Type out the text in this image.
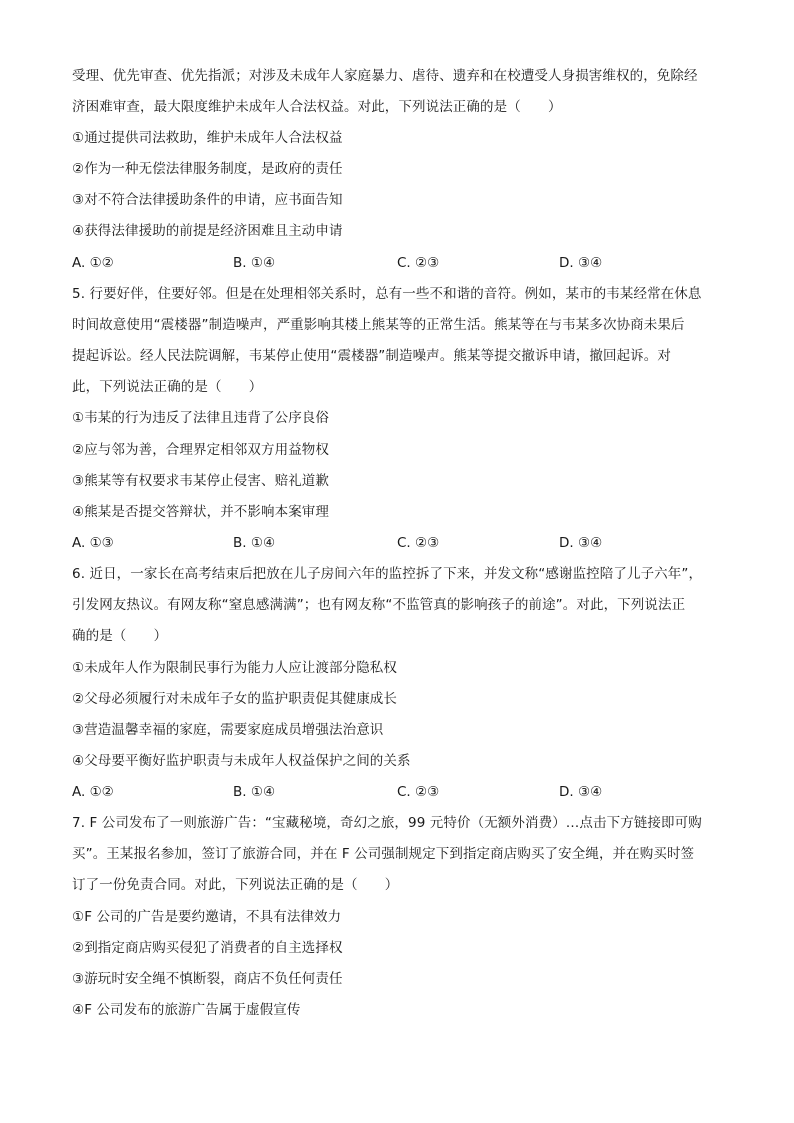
受理、优先审查、优先指派；对涉及未成年人家庭暴力、虐待、遗弃和在校遭受人身损害维权的，免除经
济困难审查，最大限度维护未成年人合法权益。对此，下列说法正确的是（　　）
①通过提供司法救助，维护未成年人合法权益
②作为一种无偿法律服务制度，是政府的责任
③对不符合法律援助条件的申请，应书面告知
④获得法律援助的前提是经济困难且主动申请
A. ①②	B. ①④	C. ②③	D. ③④
5. 行要好伴，住要好邻。但是在处理相邻关系时，总有一些不和谐的音符。例如，某市的韦某经常在休息
时间故意使用“震楼器”制造噪声，严重影响其楼上熊某等的正常生活。熊某等在与韦某多次协商未果后
提起诉讼。经人民法院调解，韦某停止使用“震楼器”制造噪声。熊某等提交撤诉申请，撤回起诉。对
此，下列说法正确的是（　　）
①韦某的行为违反了法律且违背了公序良俗
②应与邻为善，合理界定相邻双方用益物权
③熊某等有权要求韦某停止侵害、赔礼道歉
④熊某是否提交答辩状，并不影响本案审理
A. ①③	B. ①④	C. ②③	D. ③④
6. 近日，一家长在高考结束后把放在儿子房间六年的监控拆了下来，并发文称“感谢监控陪了儿子六年”，
引发网友热议。有网友称“窒息感满满”；也有网友称“不监管真的影响孩子的前途”。对此，下列说法正
确的是（　　）
①未成年人作为限制民事行为能力人应让渡部分隐私权
②父母必须履行对未成年子女的监护职责促其健康成长
③营造温馨幸福的家庭，需要家庭成员增强法治意识
④父母要平衡好监护职责与未成年人权益保护之间的关系
A. ①②	B. ①④	C. ②③	D. ③④
7. F 公司发布了一则旅游广告：“宝藏秘境，奇幻之旅，99 元特价（无额外消费）…点击下方链接即可购
买”。王某报名参加，签订了旅游合同，并在 F 公司强制规定下到指定商店购买了安全绳，并在购买时签
订了一份免责合同。对此，下列说法正确的是（　　）
①F 公司的广告是要约邀请，不具有法律效力
②到指定商店购买侵犯了消费者的自主选择权
③游玩时安全绳不慎断裂，商店不负任何责任
④F 公司发布的旅游广告属于虚假宣传
